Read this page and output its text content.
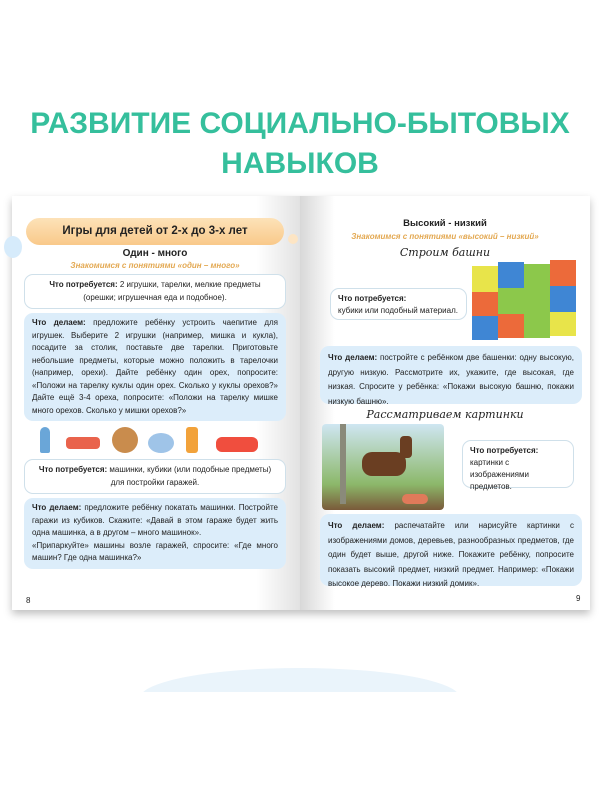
РАЗВИТИЕ СОЦИАЛЬНО-БЫТОВЫХ
НАВЫКОВ
Игры для детей от 2-х до 3-х лет
Один - много
Знакомимся с понятиями «один – много»
Что потребуется: 2 игрушки, тарелки, мелкие предметы (орешки; игрушечная еда и подобное).
Что делаем: предложите ребёнку устроить чаепитие для игрушек. Выберите 2 игрушки (например, мишка и кукла), посадите за столик, поставьте две тарелки. Приготовьте небольшие предметы, которые можно положить в тарелочки (например, орехи). Дайте ребёнку один орех, попросите: «Положи на тарелку куклы один орех. Сколько у куклы орехов?» Дайте ещё 3-4 ореха, попросите: «Положи на тарелку мишке много орехов. Сколько у мишки орехов?»
Что потребуется: машинки, кубики (или подобные предметы) для постройки гаражей.
Что делаем: предложите ребёнку покатать машинки. Постройте гаражи из кубиков. Скажите: «Давай в этом гараже будет жить одна машинка, а в другом – много машинок».
«Припаркуйте» машины возле гаражей, спросите: «Где много машин? Где одна машинка?»
8
Высокий - низкий
Знакомимся с понятиями «высокий – низкий»
Строим башни
Что потребуется:
кубики или подобный материал.
Что делаем: постройте с ребёнком две башенки: одну высокую, другую низкую. Рассмотрите их, укажите, где высокая, где низкая. Спросите у ребёнка: «Покажи высокую башню, покажи низкую башню».
Рассматриваем картинки
Что потребуется:
картинки с изображениями предметов.
Что делаем: распечатайте или нарисуйте картинки с изображениями домов, деревьев, разнообразных предметов, где один будет выше, другой ниже. Покажите ребёнку, попросите показать высокий предмет, низкий предмет. Например: «Покажи высокое дерево. Покажи низкий домик».
9
